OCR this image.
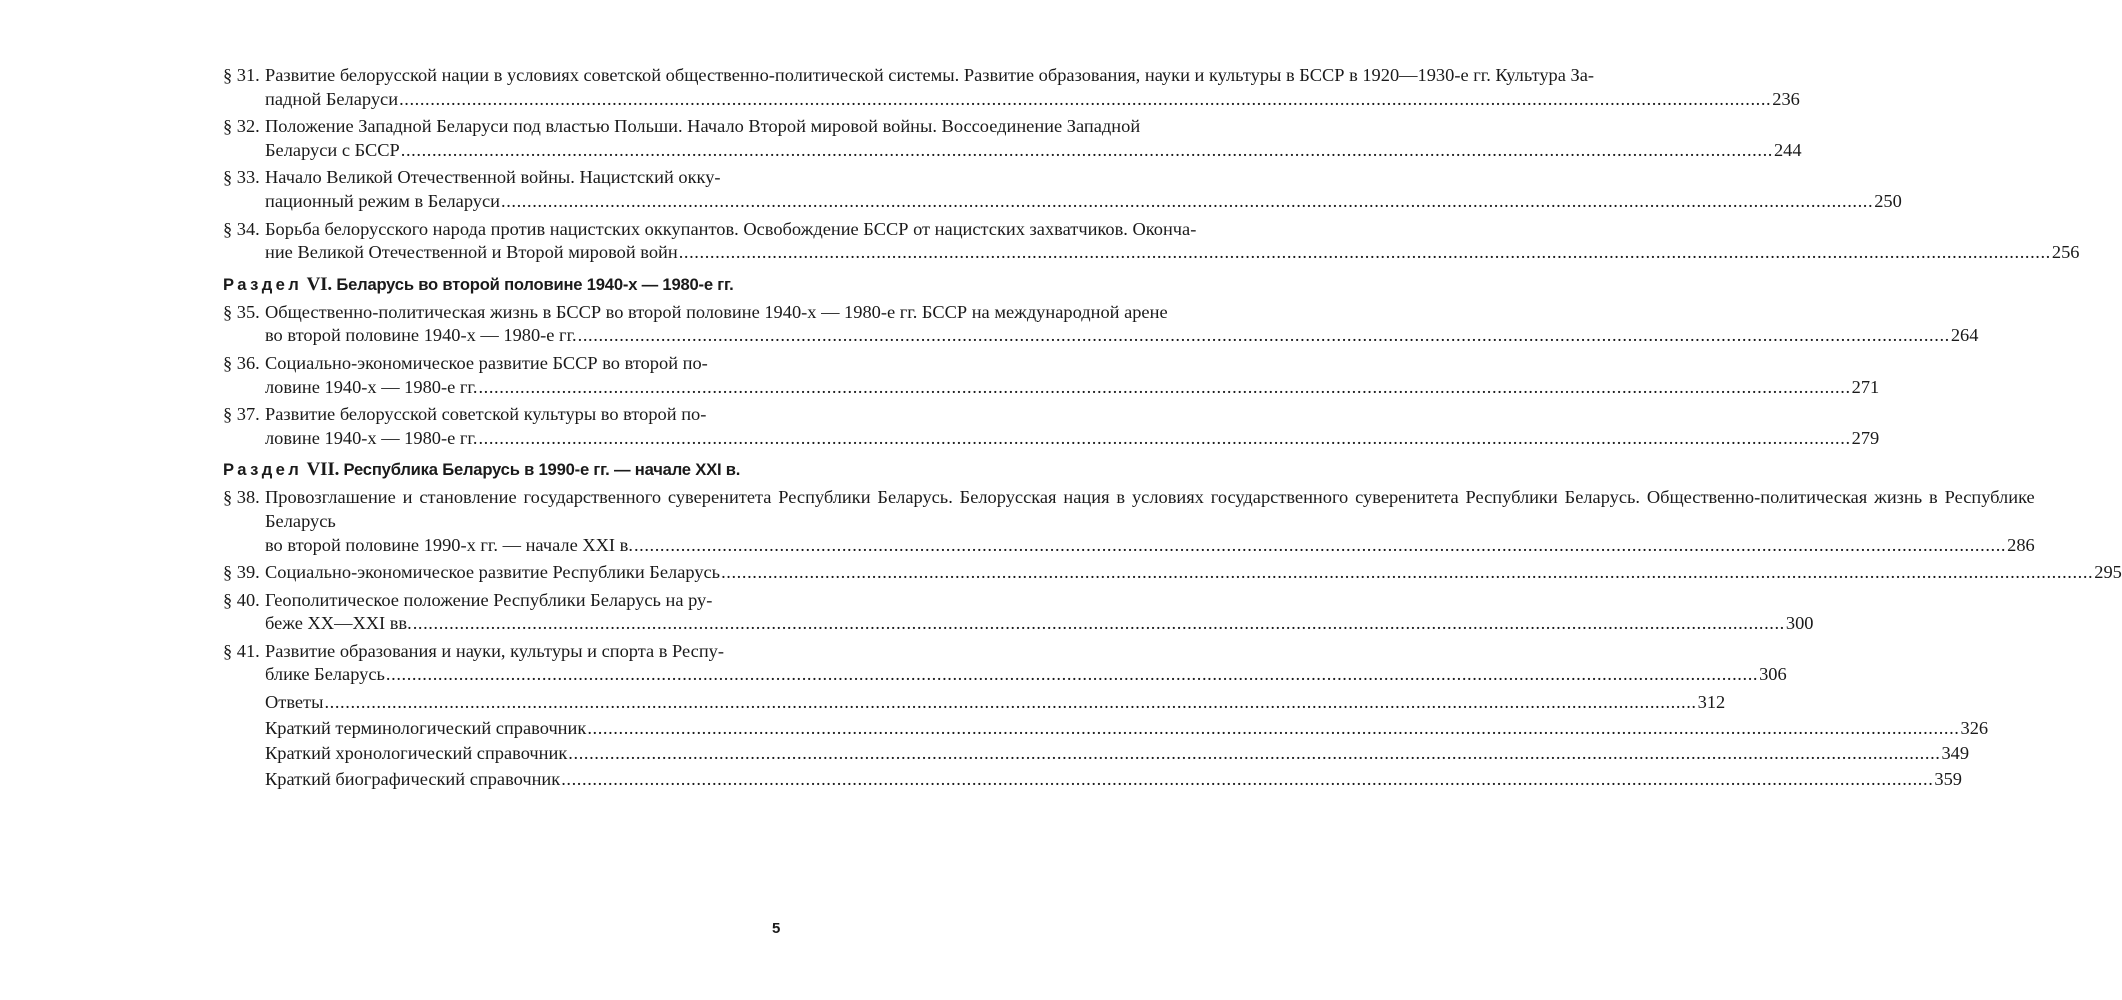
§ 31. Развитие белорусской нации в условиях советской общественно-политической системы. Развитие образования, науки и культуры в БССР в 1920—1930-е гг. Культура За-
падной Беларуси .....	236
§ 32. Положение Западной Беларуси под властью Польши. Начало Второй мировой войны. Воссоединение Западной
Беларуси с БССР .....	244
§ 33. Начало Великой Отечественной войны. Нацистский окку-
пационный режим в Беларуси .....	250
§ 34. Борьба белорусского народа против нацистских оккупантов. Освобождение БССР от нацистских захватчиков. Оконча-
ние Великой Отечественной и Второй мировой войн .....	256
Раздел VI. Беларусь во второй половине 1940-х — 1980-е гг.
§ 35. Общественно-политическая жизнь в БССР во второй половине 1940-х — 1980-е гг. БССР на международной арене
во второй половине 1940-х — 1980-е гг. .....	264
§ 36. Социально-экономическое развитие БССР во второй по-
ловине 1940-х — 1980-е гг. .....	271
§ 37. Развитие белорусской советской культуры во второй по-
ловине 1940-х — 1980-е гг. .....	279
Раздел VII. Республика Беларусь в 1990-е гг. — начале XXI в.
§ 38. Провозглашение и становление государственного суверенитета Республики Беларусь. Белорусская нация в условиях государственного суверенитета Республики Беларусь. Общественно-политическая жизнь в Республике Беларусь
во второй половине 1990-х гг. — начале XXI в. .....	286
§ 39. Социально-экономическое развитие Республики Беларусь .....	295
§ 40. Геополитическое положение Республики Беларусь на ру-
беже XX—XXI вв. .....	300
§ 41. Развитие образования и науки, культуры и спорта в Респу-
блике Беларусь .....	306
Ответы .....	312
Краткий терминологический справочник .....	326
Краткий хронологический справочник .....	349
Краткий биографический справочник .....	359
5
